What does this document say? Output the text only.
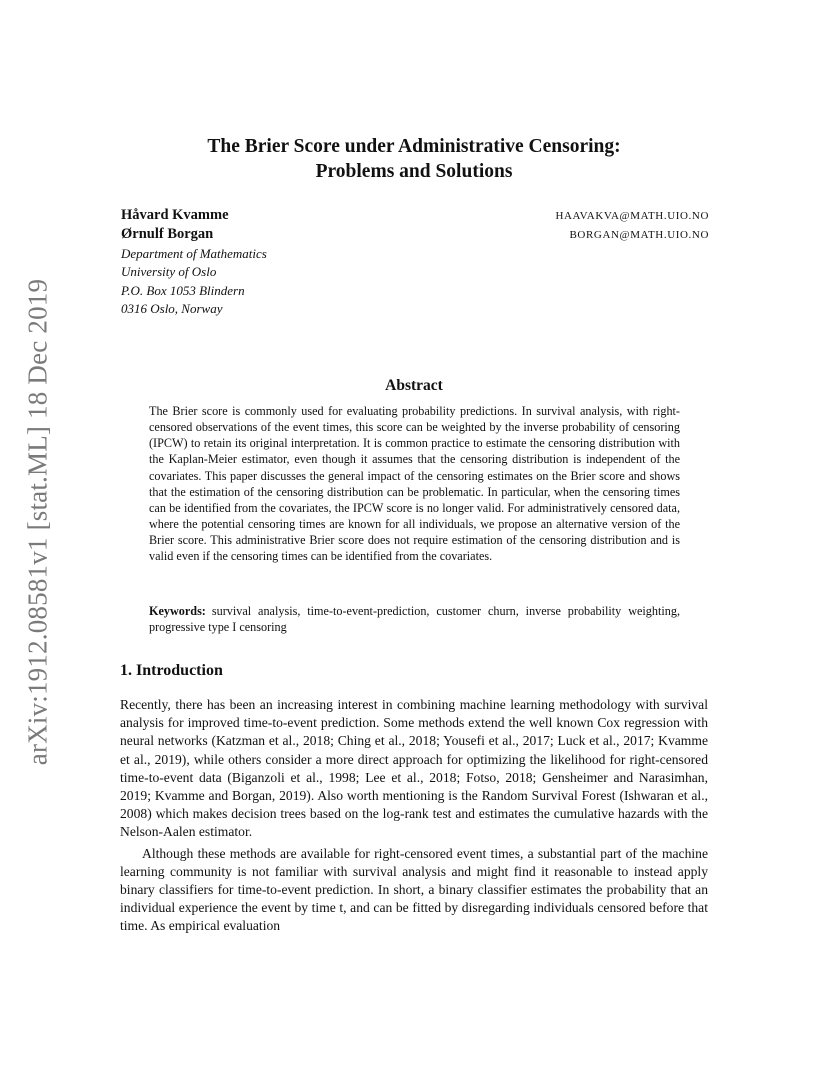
arXiv:1912.08581v1 [stat.ML] 18 Dec 2019
The Brier Score under Administrative Censoring:
Problems and Solutions
Håvard Kvamme	HAAVAKVA@MATH.UIO.NO
Ørnulf Borgan	BORGAN@MATH.UIO.NO
Department of Mathematics
University of Oslo
P.O. Box 1053 Blindern
0316 Oslo, Norway
Abstract
The Brier score is commonly used for evaluating probability predictions. In survival analysis, with right-censored observations of the event times, this score can be weighted by the inverse probability of censoring (IPCW) to retain its original interpretation. It is common practice to estimate the censoring distribution with the Kaplan-Meier estimator, even though it assumes that the censoring distribution is independent of the covariates. This paper discusses the general impact of the censoring estimates on the Brier score and shows that the estimation of the censoring distribution can be problematic. In particular, when the censoring times can be identified from the covariates, the IPCW score is no longer valid. For administratively censored data, where the potential censoring times are known for all individuals, we propose an alternative version of the Brier score. This administrative Brier score does not require estimation of the censoring distribution and is valid even if the censoring times can be identified from the covariates.
Keywords: survival analysis, time-to-event-prediction, customer churn, inverse probability weighting, progressive type I censoring
1. Introduction

Recently, there has been an increasing interest in combining machine learning methodology with survival analysis for improved time-to-event prediction. Some methods extend the well known Cox regression with neural networks (Katzman et al., 2018; Ching et al., 2018; Yousefi et al., 2017; Luck et al., 2017; Kvamme et al., 2019), while others consider a more direct approach for optimizing the likelihood for right-censored time-to-event data (Biganzoli et al., 1998; Lee et al., 2018; Fotso, 2018; Gensheimer and Narasimhan, 2019; Kvamme and Borgan, 2019). Also worth mentioning is the Random Survival Forest (Ishwaran et al., 2008) which makes decision trees based on the log-rank test and estimates the cumulative hazards with the Nelson-Aalen estimator.

Although these methods are available for right-censored event times, a substantial part of the machine learning community is not familiar with survival analysis and might find it reasonable to instead apply binary classifiers for time-to-event prediction. In short, a binary classifier estimates the probability that an individual experience the event by time t, and can be fitted by disregarding individuals censored before that time. As empirical evaluation
